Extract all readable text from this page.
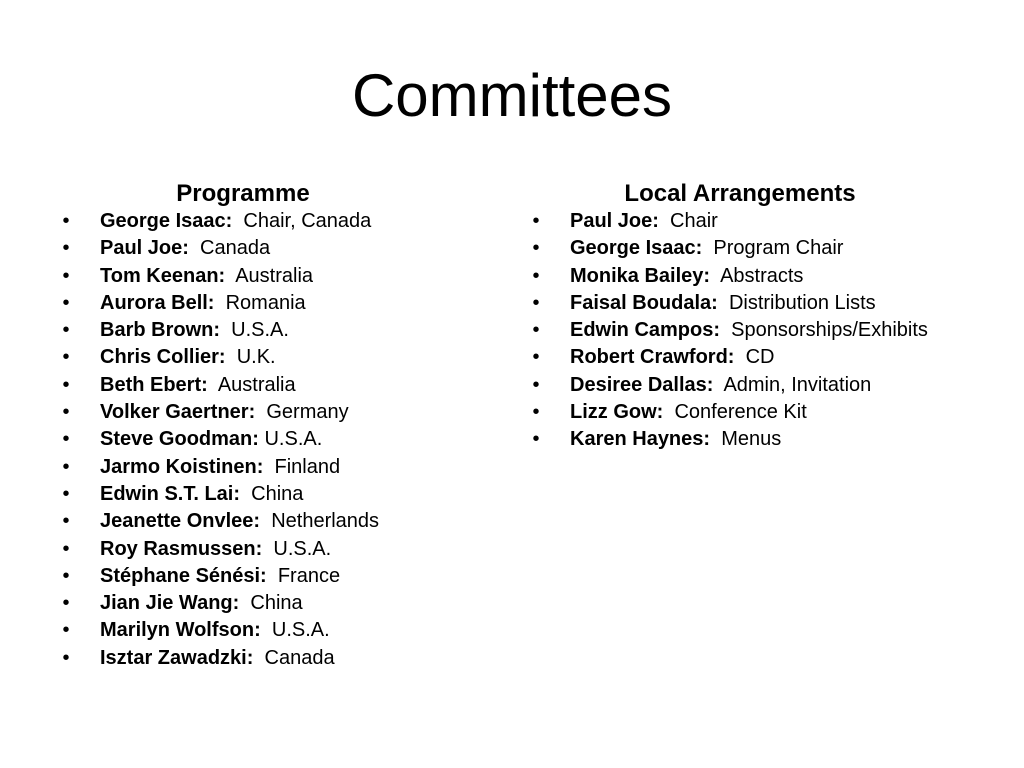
Committees
Programme
• George Isaac: Chair, Canada
• Paul Joe: Canada
• Tom Keenan: Australia
• Aurora Bell: Romania
• Barb Brown: U.S.A.
• Chris Collier: U.K.
• Beth Ebert: Australia
• Volker Gaertner: Germany
• Steve Goodman: U.S.A.
• Jarmo Koistinen: Finland
• Edwin S.T. Lai: China
• Jeanette Onvlee: Netherlands
• Roy Rasmussen: U.S.A.
• Stéphane Sénési: France
• Jian Jie Wang: China
• Marilyn Wolfson: U.S.A.
• Isztar Zawadzki: Canada
Local Arrangements
• Paul Joe: Chair
• George Isaac: Program Chair
• Monika Bailey: Abstracts
• Faisal Boudala: Distribution Lists
• Edwin Campos: Sponsorships/Exhibits
• Robert Crawford: CD
• Desiree Dallas: Admin, Invitation
• Lizz Gow: Conference Kit
• Karen Haynes: Menus
